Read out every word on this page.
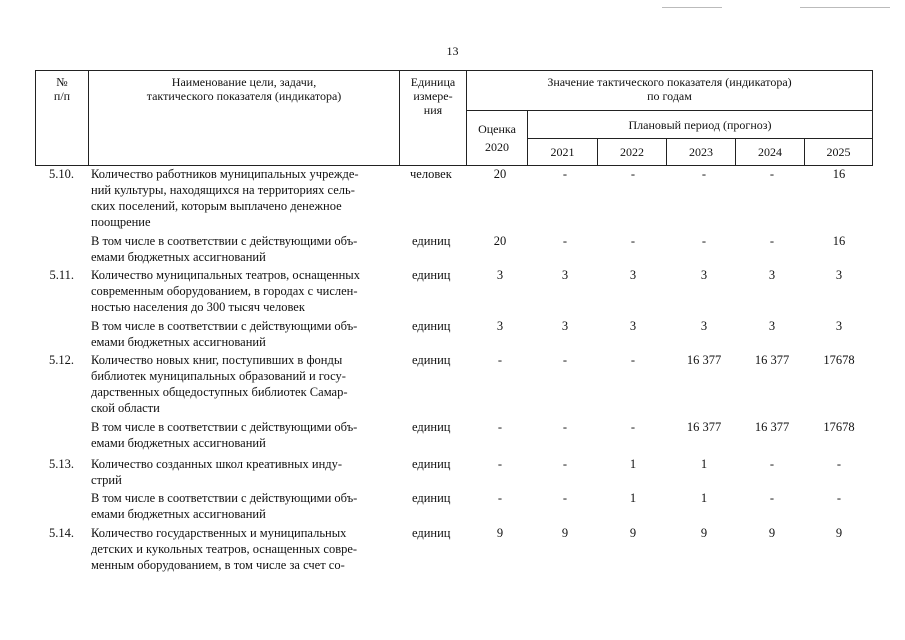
13
№
п/п
Наименование цели, задачи,
тактического показателя (индикатора)
Единица
измере-
ния
Значение тактического показателя (индикатора)
по годам
Оценка
2020
Плановый период (прогноз)
2021	2022	2023	2024	2025
5.10. Количество работников муниципальных учрежде-
ний культуры, находящихся на территориях сель-
ских поселений, которым выплачено денежное
поощрение
человек	20	-	-	-	-	16
В том числе в соответствии с действующими объ-
емами бюджетных ассигнований
единиц	20	-	-	-	-	16
5.11. Количество муниципальных театров, оснащенных
современным оборудованием, в городах с числен-
ностью населения до 300 тысяч человек
единиц	3	3	3	3	3	3
В том числе в соответствии с действующими объ-
емами бюджетных ассигнований
единиц	3	3	3	3	3	3
5.12. Количество новых книг, поступивших в фонды
библиотек муниципальных образований и госу-
дарственных общедоступных библиотек Самар-
ской области
единиц	-	-	-	16 377	16 377	17678
В том числе в соответствии с действующими объ-
емами бюджетных ассигнований
единиц	-	-	-	16 377	16 377	17678
5.13. Количество созданных школ креативных инду-
стрий
единиц	-	-	1	1	-	-
В том числе в соответствии с действующими объ-
емами бюджетных ассигнований
единиц	-	-	1	1	-	-
5.14. Количество государственных и муниципальных
детских и кукольных театров, оснащенных совре-
менным оборудованием, в том числе за счет со-
единиц	9	9	9	9	9	9
